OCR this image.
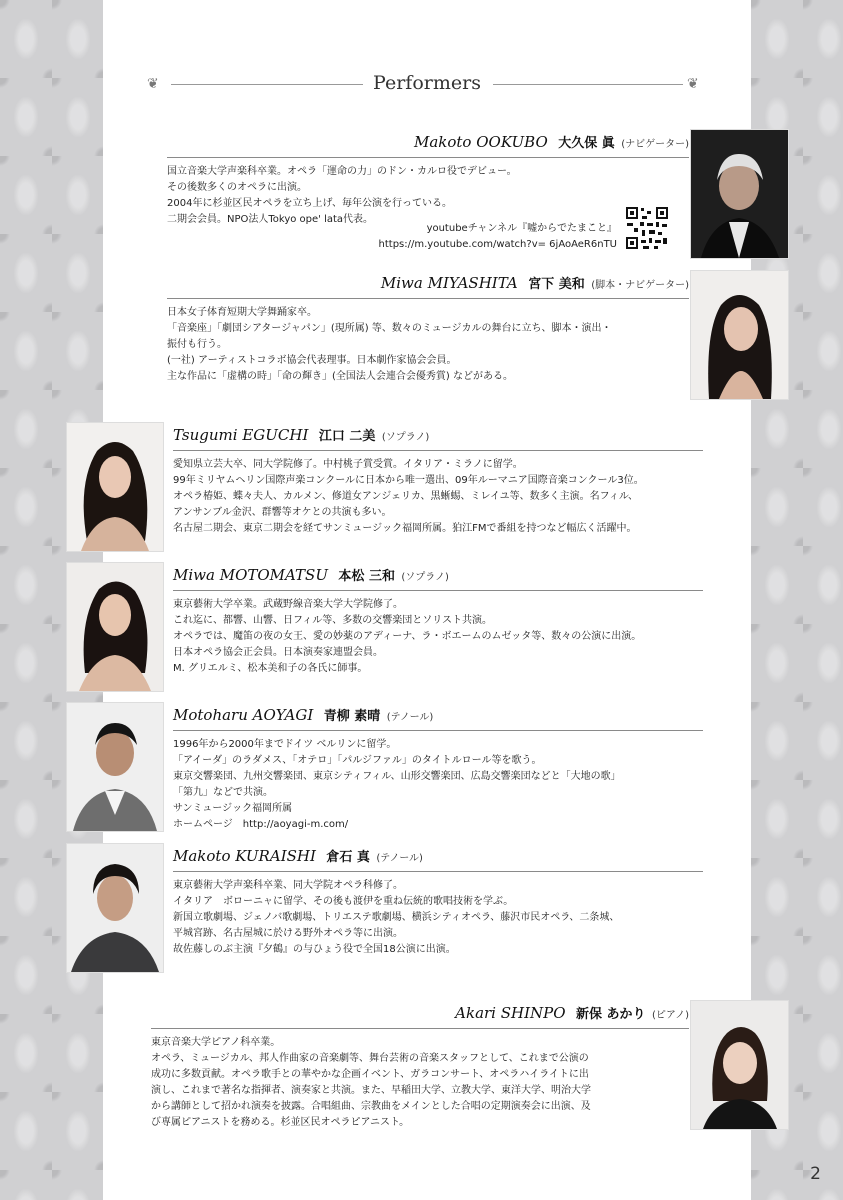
❦	Performers	❦
Makoto OOKUBO 大久保 眞 (ナビゲーター)
国立音楽大学声楽科卒業。オペラ「運命の力」のドン・カルロ役でデビュー。
その後数多くのオペラに出演。
2004年に杉並区民オペラを立ち上げ、毎年公演を行っている。
二期会会員。NPO法人Tokyo ope' lata代表。
youtubeチャンネル『嘘からでたまこと』
https://m.youtube.com/watch?v= 6jAoAeR6nTU
Miwa MIYASHITA 宮下 美和 (脚本・ナビゲーター)
日本女子体育短期大学舞踊家卒。
「音楽座」「劇団シアタージャパン」(現所属) 等、数々のミュージカルの舞台に立ち、脚本・演出・
振付も行う。
(一社) アーティストコラボ協会代表理事。日本劇作家協会会員。
主な作品に「虚構の時」「命の輝き」(全国法人会連合会優秀賞) などがある。
Tsugumi EGUCHI 江口 二美 (ソプラノ)
愛知県立芸大卒、同大学院修了。中村桃子賞受賞。イタリア・ミラノに留学。
99年ミリヤムヘリン国際声楽コンクールに日本から唯一選出、09年ルーマニア国際音楽コンクール3位。
オペラ椿姫、蝶々夫人、カルメン、修道女アンジェリカ、黒蜥蜴、ミレイユ等、数多く主演。名フィル、
アンサンブル金沢、群響等オケとの共演も多い。
名古屋二期会、東京二期会を経てサンミュージック福岡所属。狛江FMで番組を持つなど幅広く活躍中。
Miwa MOTOMATSU 本松 三和 (ソプラノ)
東京藝術大学卒業。武蔵野線音楽大学大学院修了。
これ迄に、都響、山響、日フィル等、多数の交響楽団とソリスト共演。
オペラでは、魔笛の夜の女王、愛の妙薬のアディーナ、ラ・ボエームのムゼッタ等、数々の公演に出演。
日本オペラ協会正会員。日本演奏家連盟会員。
M. グリエルミ、松本美和子の各氏に師事。
Motoharu AOYAGI 青柳 素晴 (テノール)
1996年から2000年までドイツ ベルリンに留学。
「アイーダ」のラダメス、「オテロ」「パルジファル」のタイトルロール等を歌う。
東京交響楽団、九州交響楽団、東京シティフィル、山形交響楽団、広島交響楽団などと「大地の歌」
「第九」などで共演。
サンミュージック福岡所属
ホームページ　http://aoyagi-m.com/
Makoto KURAISHI 倉石 真 (テノール)
東京藝術大学声楽科卒業、同大学院オペラ科修了。
イタリア　ボローニャに留学、その後も渡伊を重ね伝統的歌唱技術を学ぶ。
新国立歌劇場、ジェノバ歌劇場、トリエステ歌劇場、横浜シティオペラ、藤沢市民オペラ、二条城、
平城宮跡、名古屋城に於ける野外オペラ等に出演。
故佐藤しのぶ主演『夕鶴』の与ひょう役で全国18公演に出演。
Akari SHINPO 新保 あかり (ピアノ)
東京音楽大学ピアノ科卒業。
オペラ、ミュージカル、邦人作曲家の音楽劇等、舞台芸術の音楽スタッフとして、これまで公演の
成功に多数貢献。オペラ歌手との華やかな企画イベント、ガラコンサート、オペラハイライトに出
演し、これまで著名な指揮者、演奏家と共演。また、早稲田大学、立教大学、東洋大学、明治大学
から講師として招かれ演奏を披露。合唱組曲、宗教曲をメインとした合唱の定期演奏会に出演、及
び専属ピアニストを務める。杉並区民オペラピアニスト。
2
